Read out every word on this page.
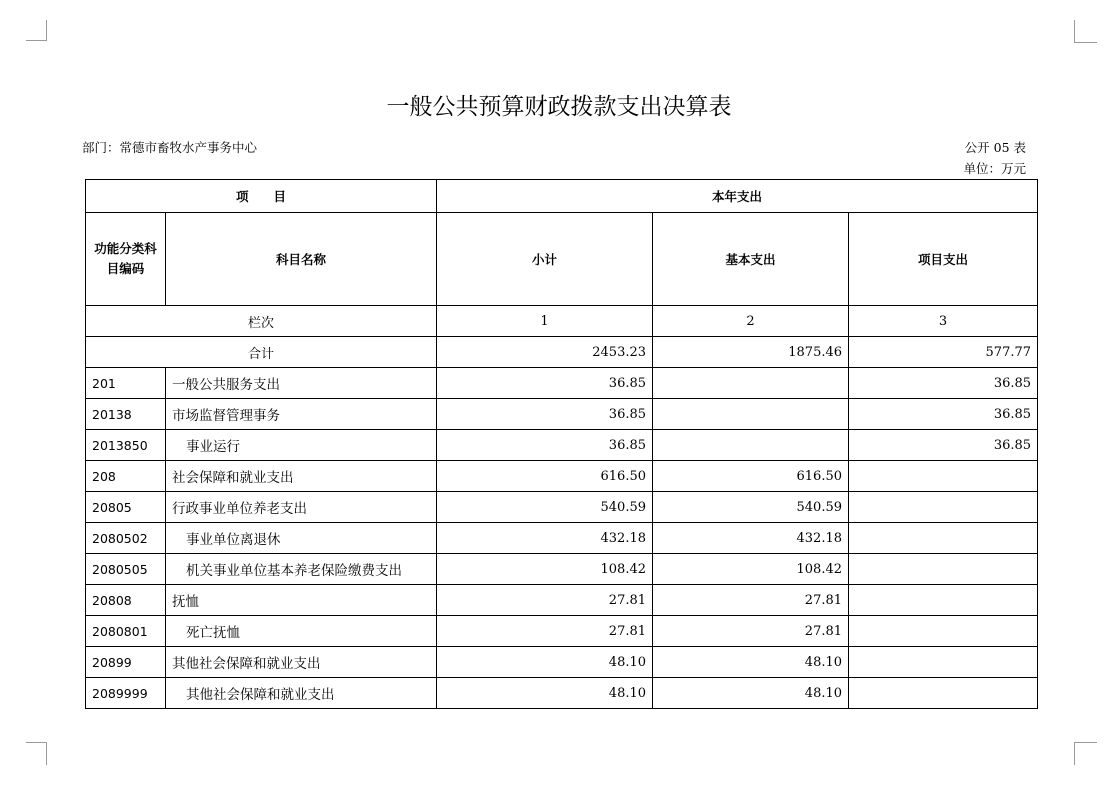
一般公共预算财政拨款支出决算表
部门：常德市畜牧水产事务中心	公开 05 表
单位：万元
项　　目		本年支出		
功能分类科目编码	科目名称	小计	基本支出	项目支出
栏次		1	2	3
合计		2453.23	1875.46	577.77
201	一般公共服务支出	36.85		36.85
20138	市场监督管理事务	36.85		36.85
2013850	事业运行	36.85		36.85
208	社会保障和就业支出	616.50	616.50	
20805	行政事业单位养老支出	540.59	540.59	
2080502	事业单位离退休	432.18	432.18	
2080505	机关事业单位基本养老保险缴费支出	108.42	108.42	
20808	抚恤	27.81	27.81	
2080801	死亡抚恤	27.81	27.81	
20899	其他社会保障和就业支出	48.10	48.10	
2089999	其他社会保障和就业支出	48.10	48.10	
